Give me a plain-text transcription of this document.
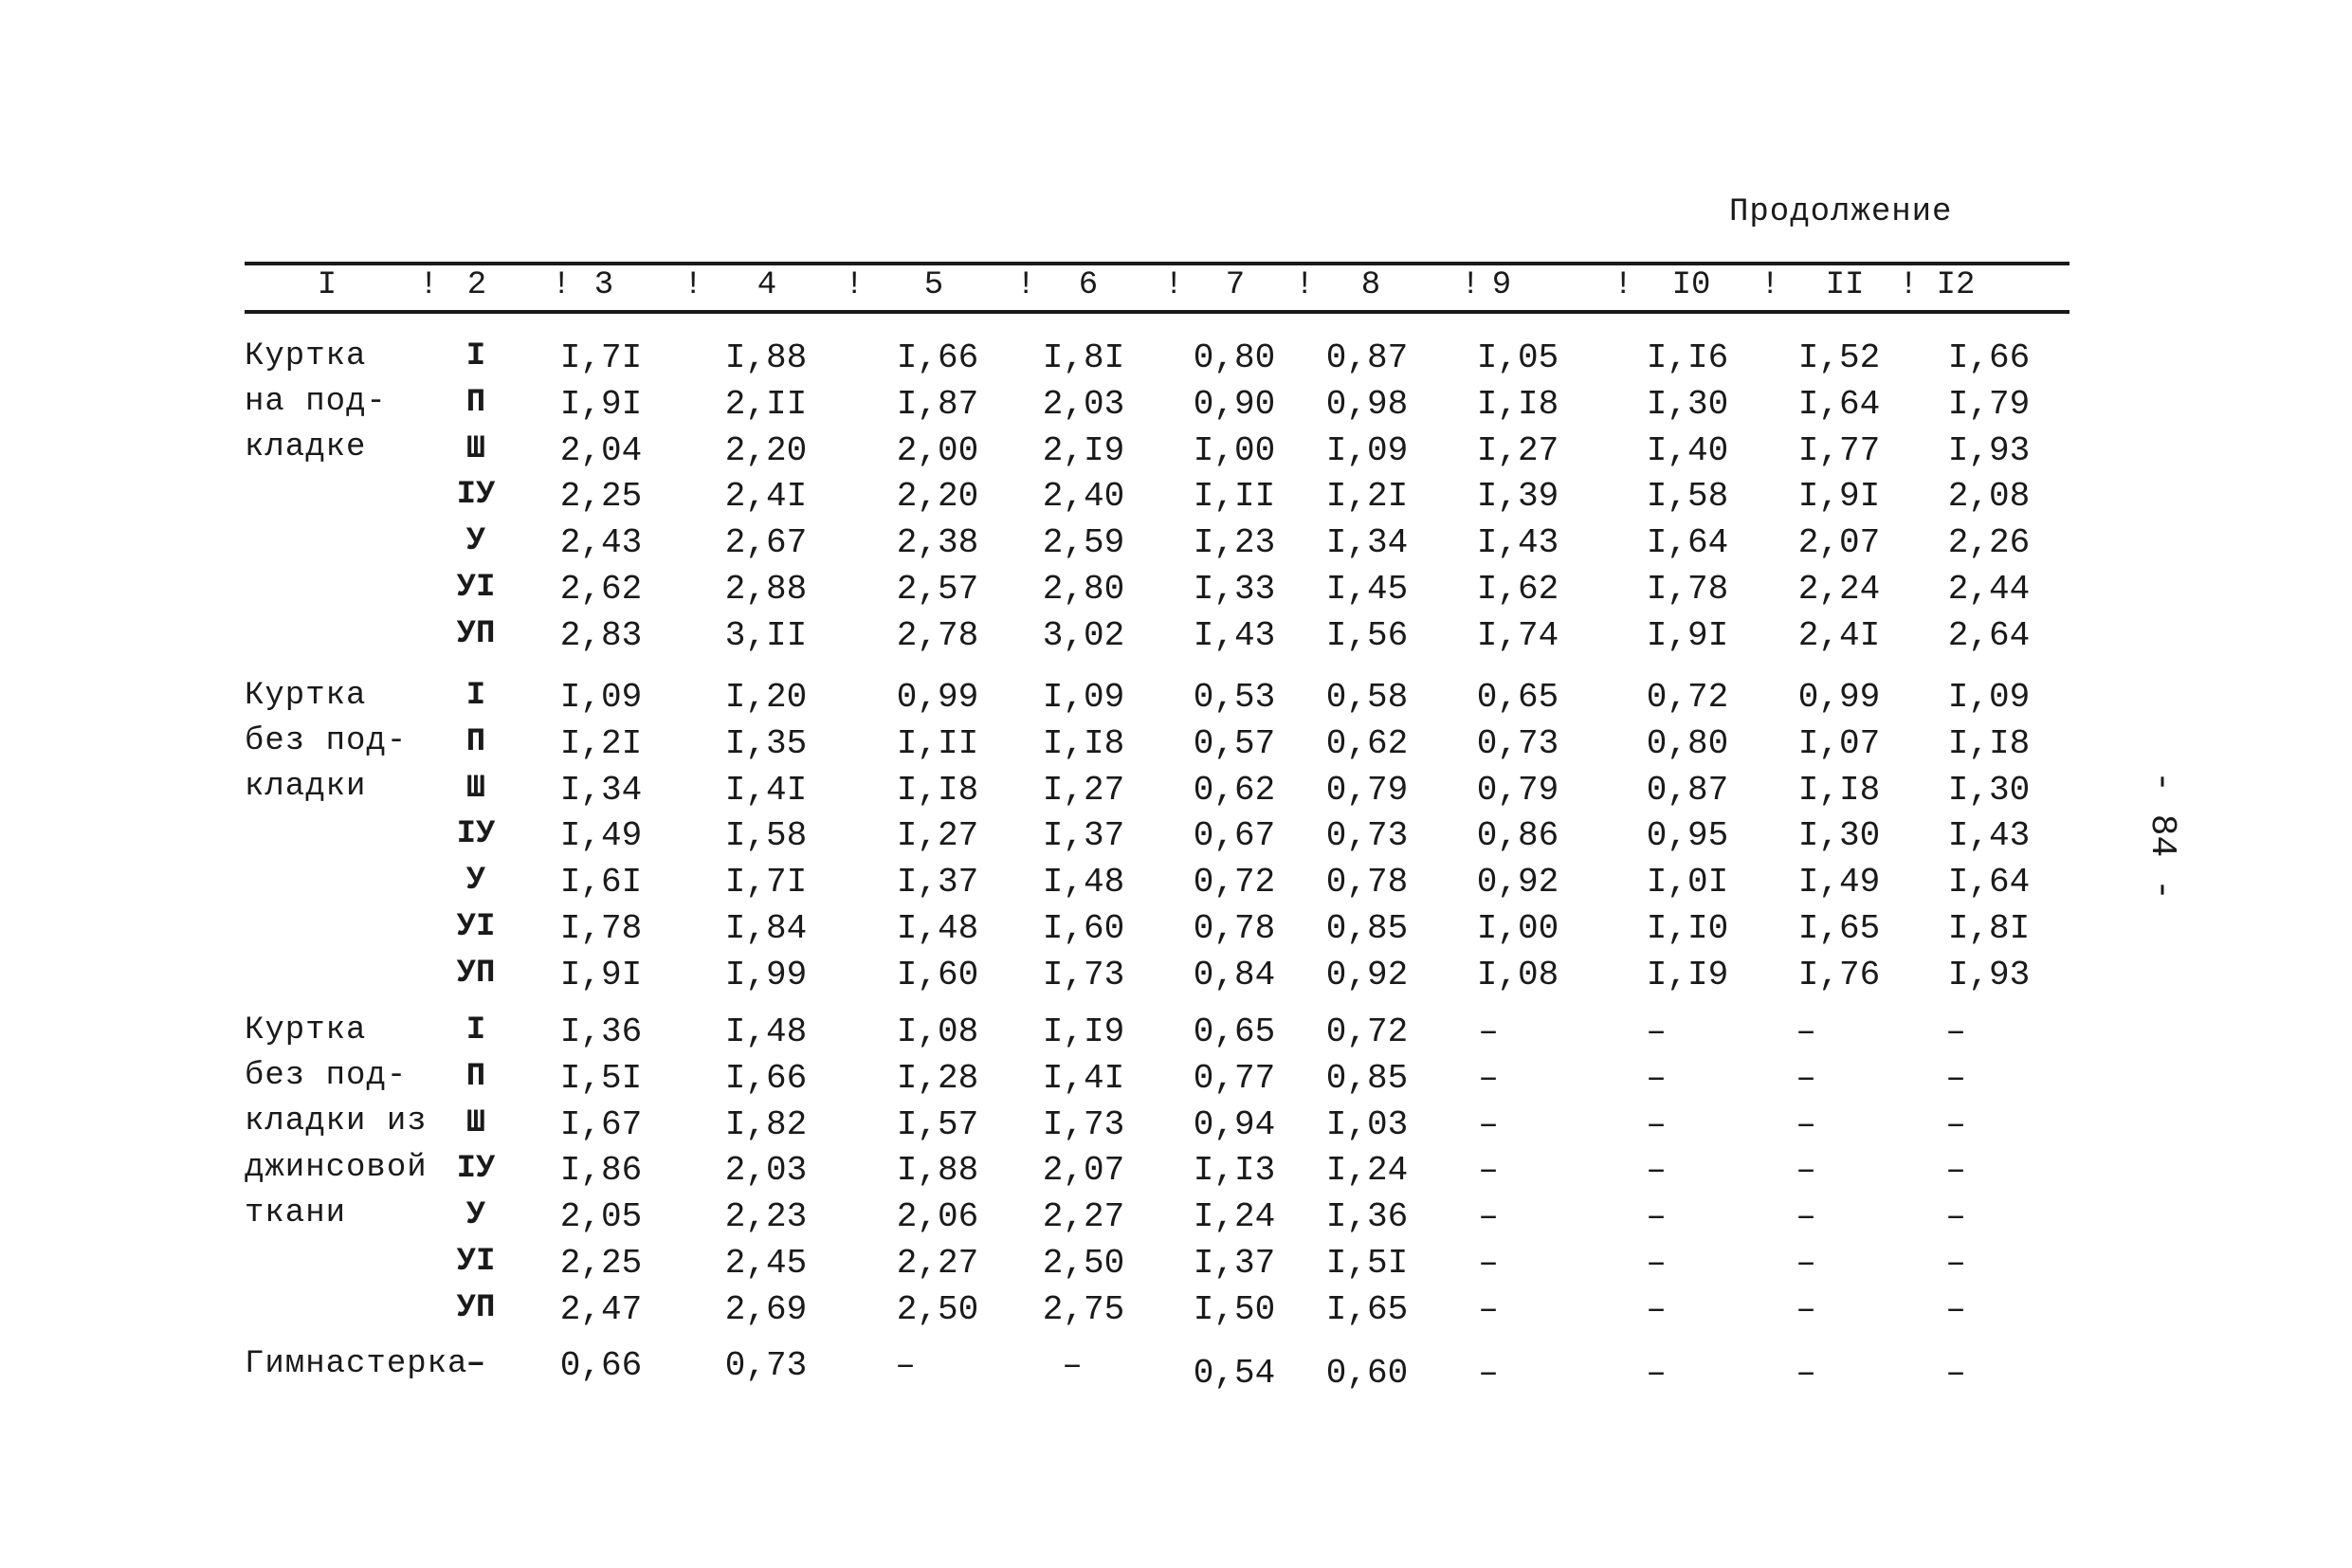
Продолжение
I	2	3	4	5	6	7	8	9	I0	II I2
!	!	!	!	!	!	!	!	!	!	!
Куртка
на под-
кладке
I I,7I I,88	I,66 I,8I 0,80 0,87 I,05	I,I6 I,52 I,66
П I,9I 2,II	I,87 2,03 0,90 0,98 I,I8	I,30 I,64 I,79
Ш 2,04 2,20	2,00 2,I9 I,00 I,09 I,27	I,40 I,77 I,93
IУ 2,25 2,4I	2,20 2,40 I,II I,2I I,39	I,58 I,9I 2,08
У 2,43 2,67	2,38 2,59 I,23 I,34 I,43	I,64 2,07 2,26
УI 2,62 2,88	2,57 2,80 I,33 I,45 I,62	I,78 2,24 2,44
УП 2,83 3,II	2,78 3,02 I,43 I,56 I,74	I,9I 2,4I 2,64
Куртка
без под-
кладки
I I,09 I,20	0,99 I,09 0,53 0,58 0,65	0,72 0,99 I,09
П I,2I I,35	I,II I,I8 0,57 0,62 0,73	0,80 I,07 I,I8
Ш I,34 I,4I	I,I8 I,27 0,62 0,79 0,79	0,87 I,I8 I,30
IУ I,49 I,58	I,27 I,37 0,67 0,73 0,86	0,95 I,30 I,43
У I,6I I,7I	I,37 I,48 0,72 0,78 0,92	I,0I I,49 I,64
УI I,78 I,84	I,48 I,60 0,78 0,85 I,00	I,I0 I,65 I,8I
УП I,9I I,99	I,60 I,73 0,84 0,92 I,08	I,I9 I,76 I,93
Куртка
без под-
кладки из
джинсовой
ткани
I I,36 I,48	I,08 I,I9 0,65 0,72 –	–	–	–
П I,5I I,66	I,28 I,4I 0,77 0,85 –	–	–	–
Ш I,67 I,82	I,57 I,73 0,94 I,03 –	–	–	–
IУ I,86 2,03	I,88 2,07 I,I3 I,24 –	–	–	–
У 2,05 2,23	2,06 2,27 I,24 I,36 –	–	–	–
УI 2,25 2,45	2,27 2,50 I,37 I,5I –	–	–	–
УП 2,47 2,69	2,50 2,75 I,50 I,65 –	–	–	–
Гимнастерка
– 0,66 0,73	–	–	0,54 0,60 –	–	–	–
- 84 -
